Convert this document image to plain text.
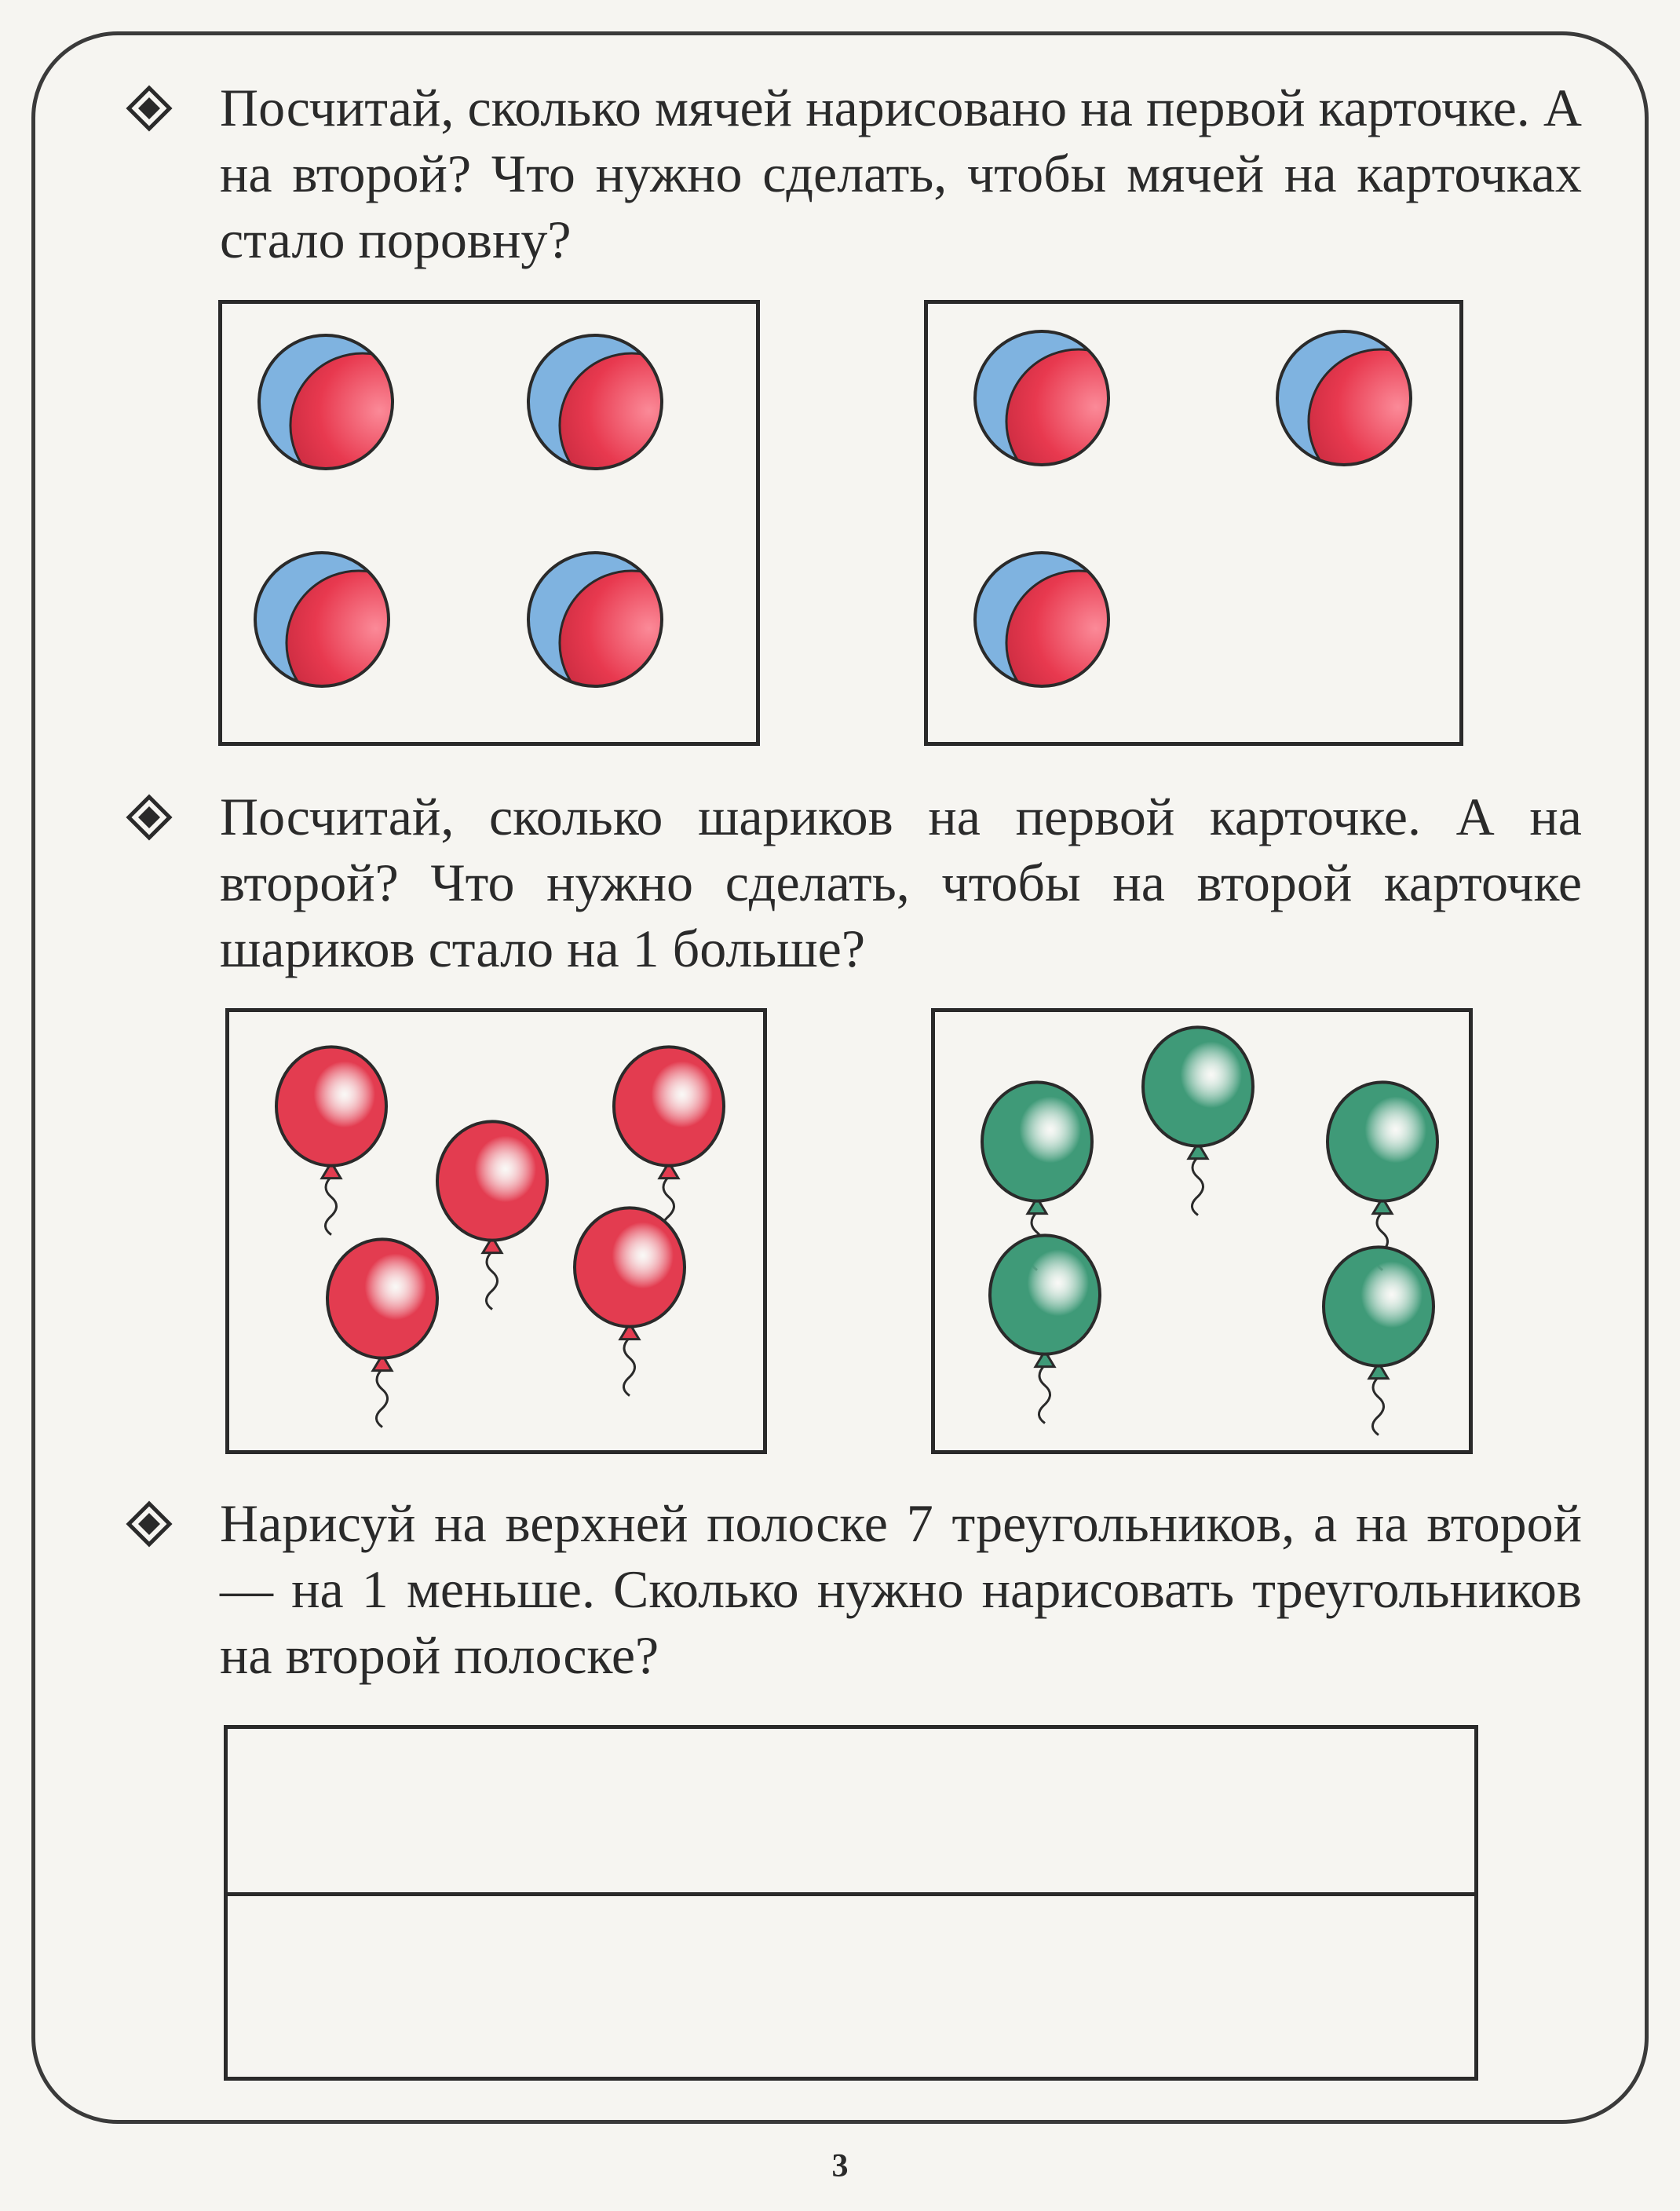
Посчитай, сколько мячей нарисовано на первой карточке. А на второй? Что нужно сделать, чтобы мячей на карточках стало поровну?

Посчитай, сколько шариков на первой карточке. А на второй? Что нужно сделать, чтобы на второй карточке шариков стало на 1 больше?

Нарисуй на верхней полоске 7 треугольников, а на второй — на 1 меньше. Сколько нужно нарисовать треугольников на второй полоске?

3
